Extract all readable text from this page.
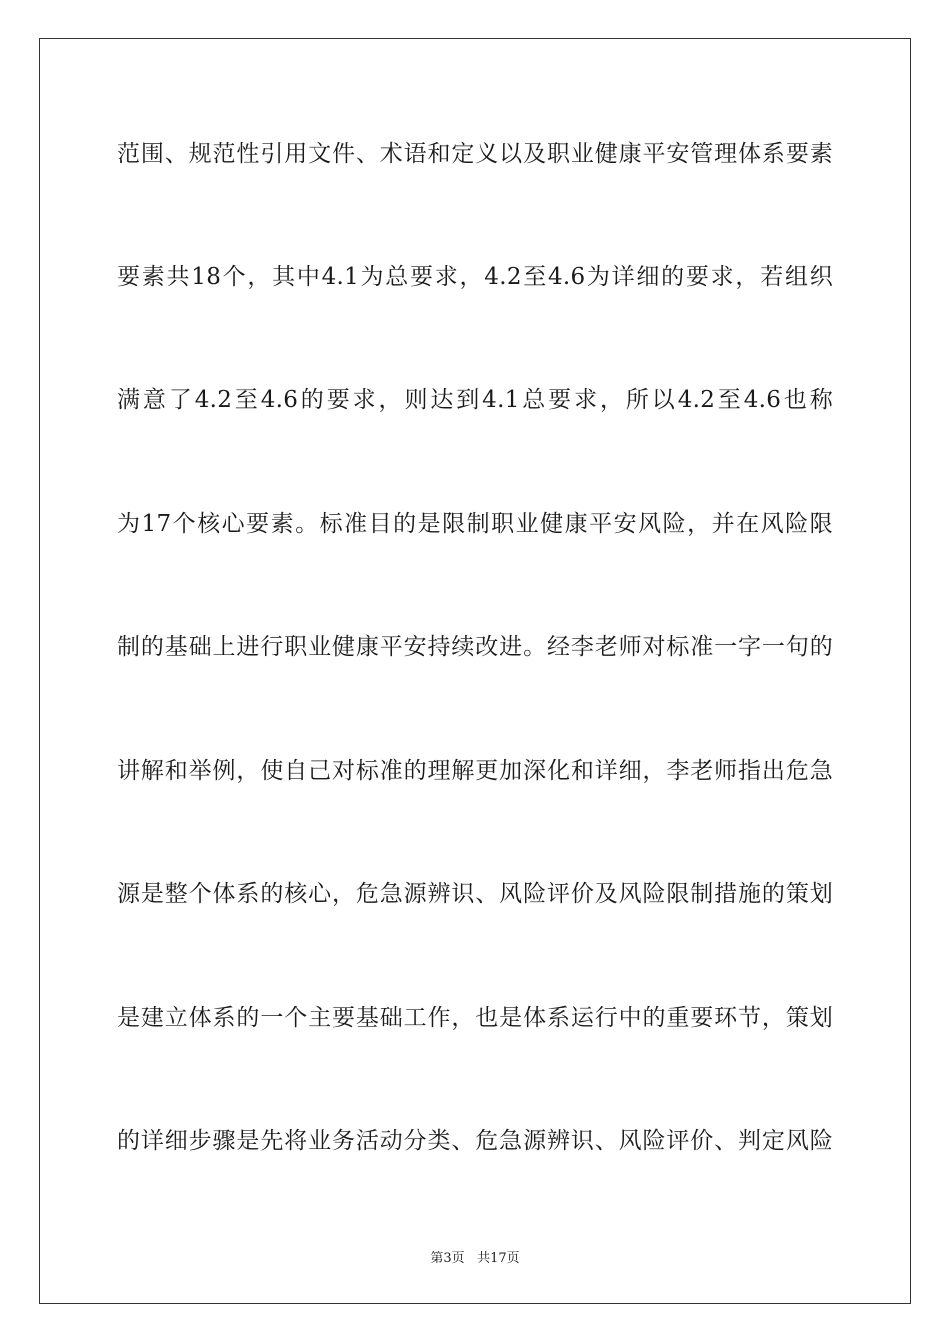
范围、规范性引用文件、术语和定义以及职业健康平安管理体系要素
要素共18个，其中4.1为总要求，4.2至4.6为详细的要求，若组织
满意了4.2至4.6的要求，则达到4.1总要求，所以4.2至4.6也称
为17个核心要素。标准目的是限制职业健康平安风险，并在风险限
制的基础上进行职业健康平安持续改进。经李老师对标准一字一句的
讲解和举例，使自己对标准的理解更加深化和详细，李老师指出危急
源是整个体系的核心，危急源辨识、风险评价及风险限制措施的策划
是建立体系的一个主要基础工作，也是体系运行中的重要环节，策划
的详细步骤是先将业务活动分类、危急源辨识、风险评价、判定风险
第3页 共17页
